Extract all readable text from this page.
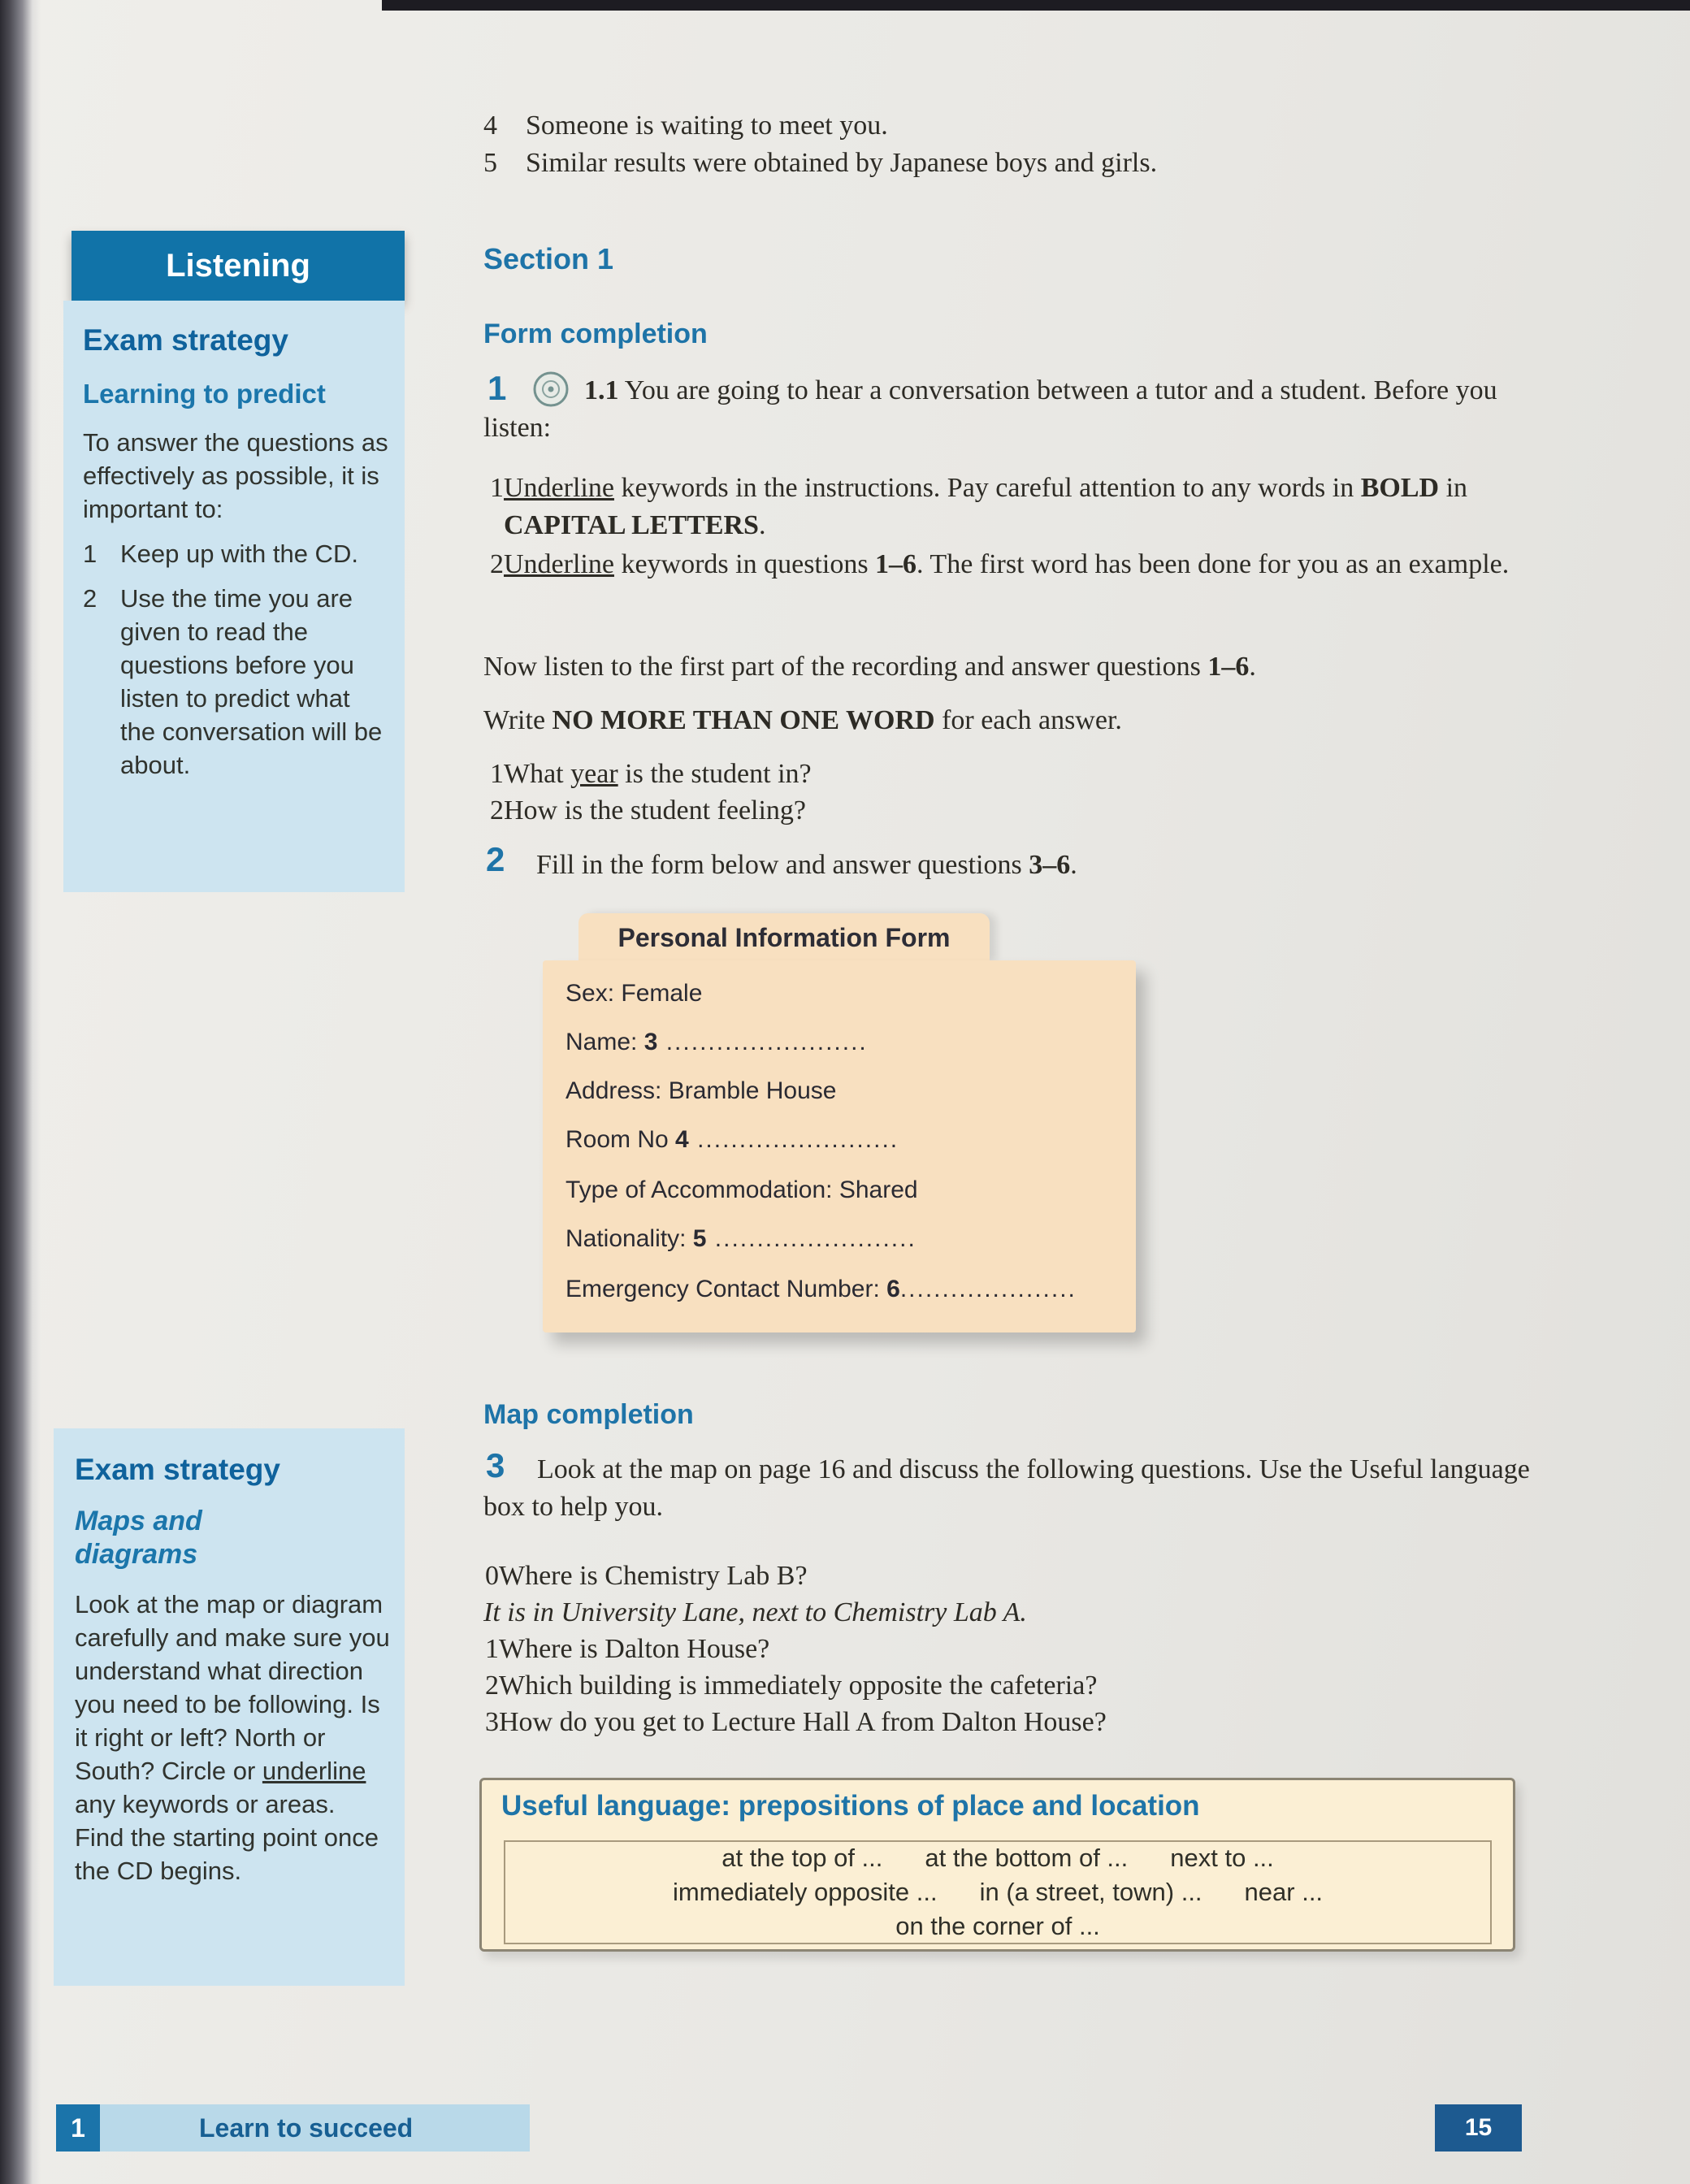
4	Someone is waiting to meet you.
5	Similar results were obtained by Japanese boys and girls.
Listening
Exam strategy
Learning to predict

To answer the questions as effectively as possible, it is important to:

1 Keep up with the CD.
2 Use the time you are given to read the questions before you listen to predict what the conversation will be about.
Exam strategy
Maps and diagrams

Look at the map or diagram carefully and make sure you understand what direction you need to be following. Is it right or left? North or South? Circle or underline any keywords or areas. Find the starting point once the CD begins.

Section 1
Form completion
1	1.1 You are going to hear a conversation between a tutor and a student. Before you listen:

1 Underline keywords in the instructions. Pay careful attention to any words in BOLD in CAPITAL LETTERS.
2 Underline keywords in questions 1–6. The first word has been done for you as an example.

Now listen to the first part of the recording and answer questions 1–6.

Write NO MORE THAN ONE WORD for each answer.

1 What year is the student in?
2 How is the student feeling?
2 Fill in the form below and answer questions 3–6.

Personal Information Form
Sex: Female
Name: 3 ........................
Address: Bramble House
Room No 4 ........................
Type of Accommodation: Shared
Nationality: 5 ........................
Emergency Contact Number: 6.....................
Map completion
3	Look at the map on page 16 and discuss the following questions. Use the Useful language box to help you.

0 Where is Chemistry Lab B?

It is in University Lane, next to Chemistry Lab A.

1 Where is Dalton House?
2 Which building is immediately opposite the cafeteria?
3 How do you get to Lecture Hall A from Dalton House?
Useful language: prepositions of place and location
at the top of ... at the bottom of ... next to ...
immediately opposite ... in (a street, town) ... near ...
on the corner of ...
1	Learn to succeed	15
